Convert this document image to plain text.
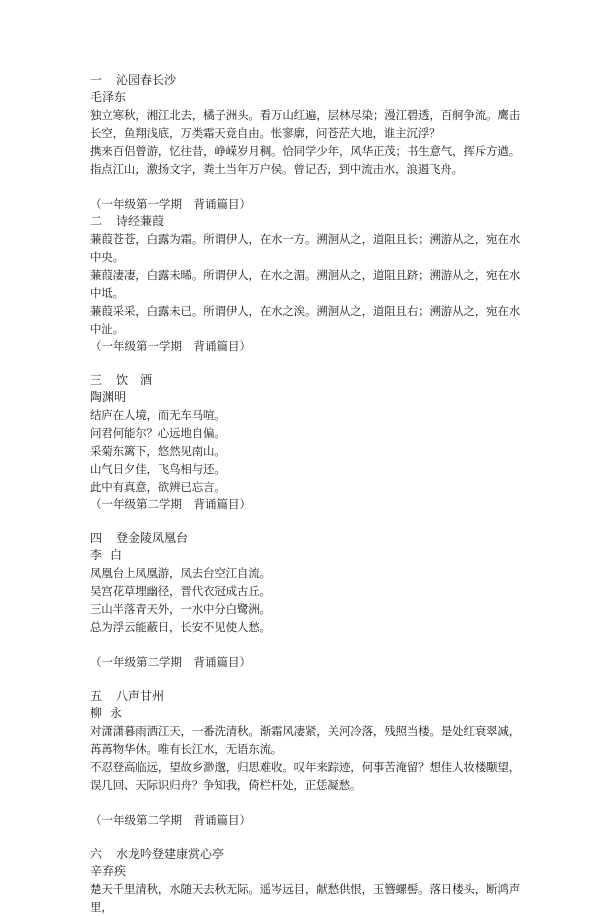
一 沁园春长沙
毛泽东
独立寒秋，湘江北去，橘子洲头。看万山红遍，层林尽染；漫江碧透，百舸争流。鹰击长空，鱼翔浅底，万类霜天竞自由。怅寥廓，问苍茫大地，谁主沉浮？
携来百侣曾游，忆往昔，峥嵘岁月稠。恰同学少年，风华正茂；书生意气，挥斥方遒。指点江山，激扬文字，粪土当年万户侯。曾记否，到中流击水，浪遏飞舟。
（一年级第一学期　背诵篇目）
二 诗经蒹葭
蒹葭苍苍，白露为霜。所谓伊人，在水一方。溯洄从之，道阻且长；溯游从之，宛在水中央。
蒹葭凄凄，白露未晞。所谓伊人，在水之湄。溯洄从之，道阻且跻；溯游从之，宛在水中坻。
蒹葭采采，白露未已。所谓伊人，在水之涘。溯洄从之，道阻且右；溯游从之，宛在水中沚。
（一年级第一学期　背诵篇目）
三 饮　酒
陶渊明
结庐在人境，而无车马喧。
问君何能尔？心远地自偏。
采菊东篱下，悠然见南山。
山气日夕佳，飞鸟相与还。
此中有真意，欲辨已忘言。
（一年级第二学期　背诵篇目）
四 登金陵凤凰台
李白
凤凰台上凤凰游，凤去台空江自流。
吴宫花草埋幽径，晋代衣冠成古丘。
三山半落青天外，一水中分白鹭洲。
总为浮云能蔽日，长安不见使人愁。
（一年级第二学期　背诵篇目）
五 八声甘州
柳永
对潇潇暮雨洒江天，一番洗清秋。渐霜风凄紧，关河冷落，残照当楼。是处红衰翠减，苒苒物华休。唯有长江水，无语东流。
不忍登高临远，望故乡渺邈，归思难收。叹年来踪迹，何事苦淹留？想佳人妆楼颙望，误几回、天际识归舟？争知我，倚栏杆处，正恁凝愁。
（一年级第二学期　背诵篇目）
六 水龙吟登建康赏心亭
辛弃疾
楚天千里清秋，水随天去秋无际。遥岑远目，献愁供恨，玉簪螺髻。落日楼头，断鸿声里，
